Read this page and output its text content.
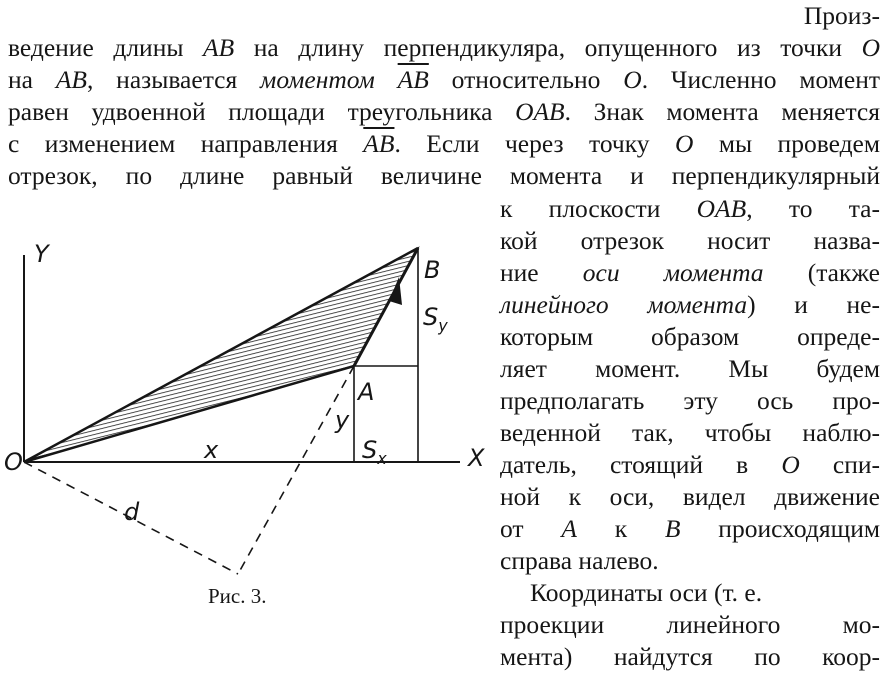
Произ-
ведение длины AB на длину перпендикуляра, опущенного из точки O
на AB, называется моментом $\overline{AB}$ относительно O. Численно момент
равен удвоенной площади треугольника OAB. Знак момента меняется
с изменением направления $\overline{AB}$. Если через точку O мы проведем
отрезок, по длине равный величине момента и перпендикулярный
к плоскости OAB, то та-
кой отрезок носит назва-
ние оси момента (также
линейного момента) и не-
которым образом опреде-
ляет момент. Мы будем
предполагать эту ось про-
веденной так, чтобы наблю-
датель, стоящий в O спи-
ной к оси, видел движение
от A к B происходящим
справа налево.
Координаты оси (т. е.
проекции линейного мо-
мента) найдутся по коор-
Y
B
$S_y$
A
y
O	x	$S_x$	X
d
Рис. 3.
